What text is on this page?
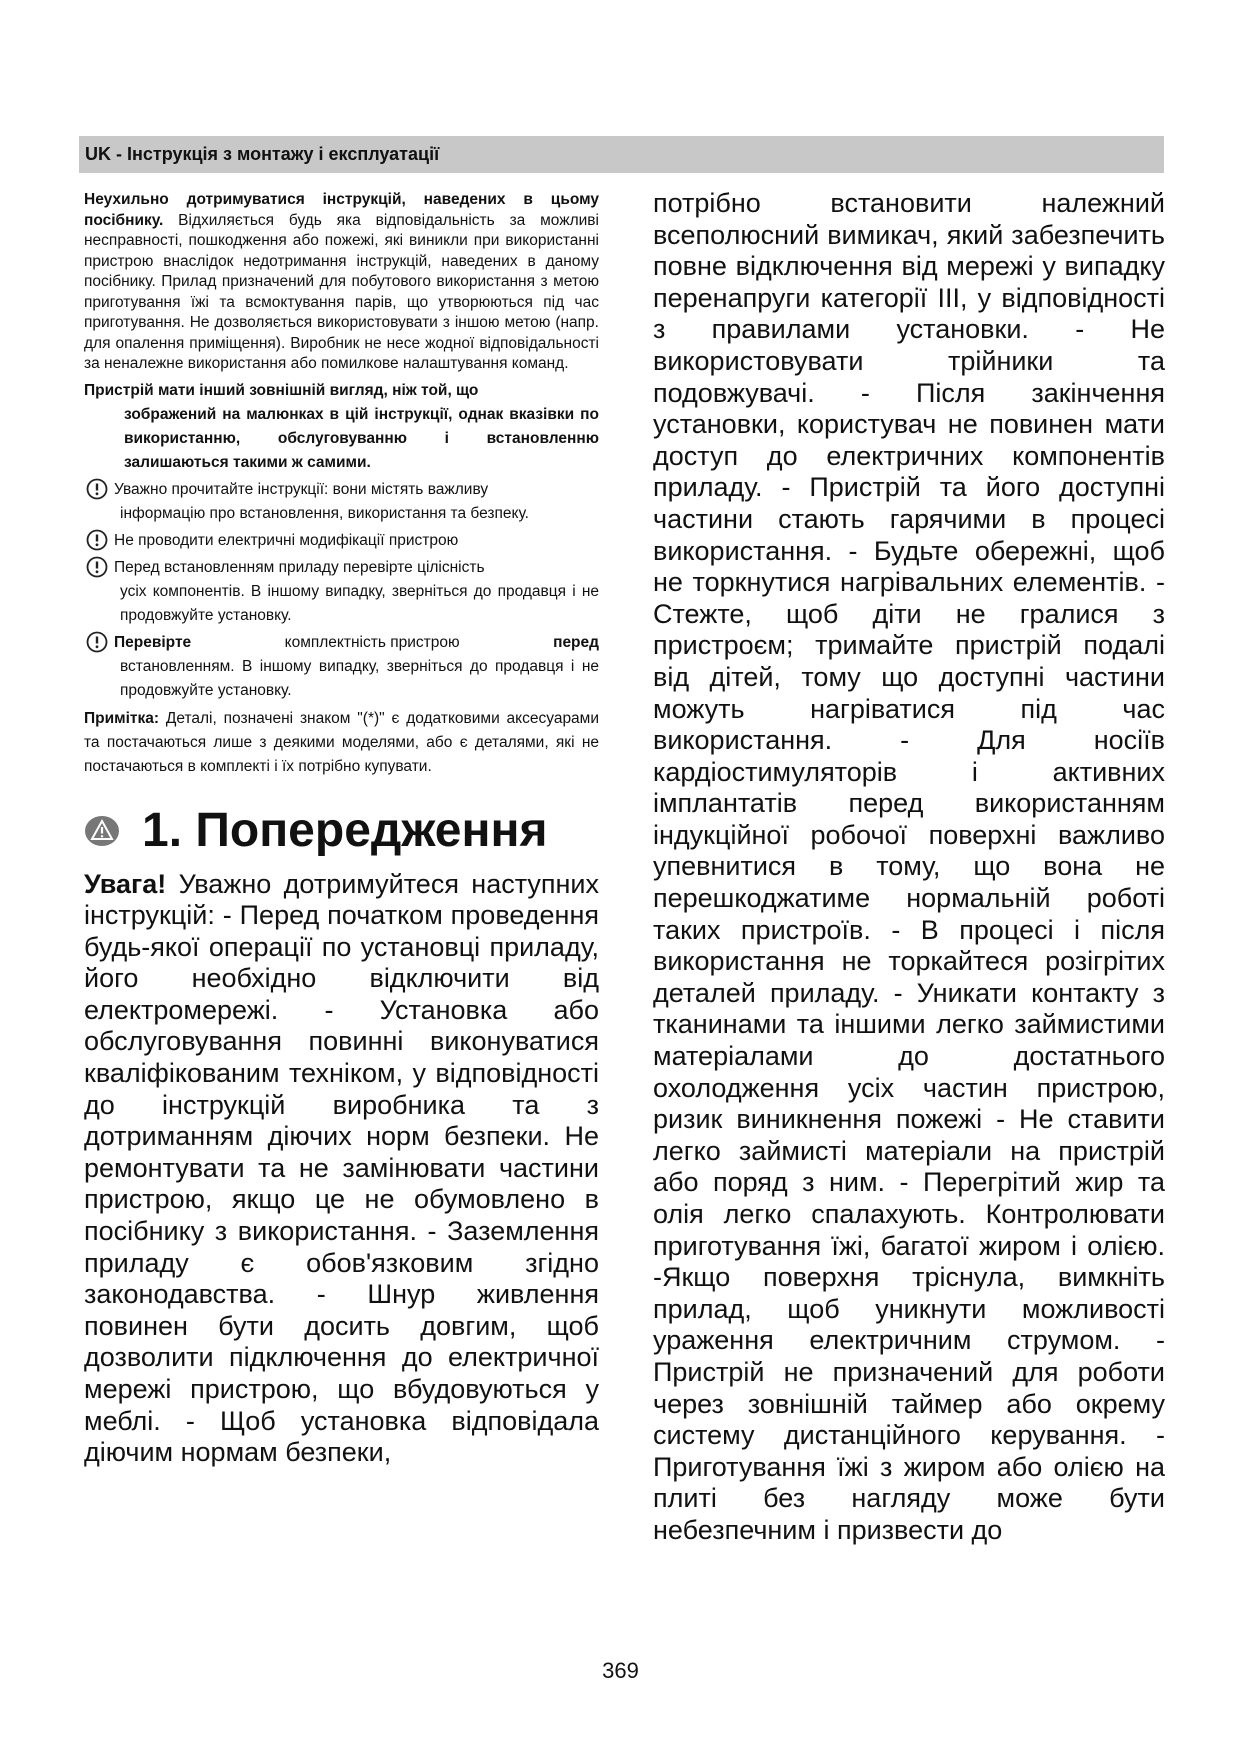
UK - Інструкція з монтажу і експлуатації

Неухильно дотримуватися інструкцій, наведених в цьому посібнику. Відхиляється будь яка відповідальність за можливі несправності, пошкодження або пожежі, які виникли при використанні пристрою внаслідок недотримання інструкцій, наведених в даному посібнику. Прилад призначений для побутового використання з метою приготування їжі та всмоктування парів, що утворюються під час приготування. Не дозволяється використовувати з іншою метою (напр. для опалення приміщення). Виробник не несе жодної відповідальності за неналежне використання або помилкове налаштування команд.

Пристрій мати інший зовнішній вигляд, ніж той, що
зображений на малюнках в цій інструкції, однак вказівки по використанню, обслуговуванню і встановленню залишаються такими ж самими.

Уважно прочитайте інструкції: вони містять важливу
інформацію про встановлення, використання та безпеку.
Не проводити електричні модифікації пристрою
Перед встановленням приладу перевірте цілісність
усіх компонентів. В іншому випадку, зверніться до продавця і не продовжуйте установку.
Перевірте	комплектність пристрою	перед
встановленням. В іншому випадку, зверніться до продавця і не продовжуйте установку.

Примітка: Деталі, позначені знаком "(*)" є додатковими аксесуарами та постачаються лише з деякими моделями, або є деталями, які не постачаються в комплекті і їх потрібно купувати.

1. Попередження

Увага! Уважно дотримуйтеся наступних інструкцій: - Перед початком проведення будь-якої операції по установці приладу, його необхідно відключити від електромережі. - Установка або обслуговування повинні виконуватися кваліфікованим техніком, у відповідності до інструкцій виробника та з дотриманням діючих норм безпеки. Не ремонтувати та не замінювати частини пристрою, якщо це не обумовлено в посібнику з використання. - Заземлення приладу є обов'язковим згідно законодавства. - Шнур живлення повинен бути досить довгим, щоб дозволити підключення до електричної мережі пристрою, що вбудовуються у меблі. - Щоб установка відповідала діючим нормам безпеки,

потрібно встановити належний всеполюсний вимикач, який забезпечить повне відключення від мережі у випадку перенапруги категорії III, у відповідності з правилами установки. - Не використовувати трійники та подовжувачі. - Після закінчення установки, користувач не повинен мати доступ до електричних компонентів приладу. - Пристрій та його доступні частини стають гарячими в процесі використання. - Будьте обережні, щоб не торкнутися нагрівальних елементів. - Стежте, щоб діти не гралися з пристроєм; тримайте пристрій подалі від дітей, тому що доступні частини можуть нагріватися під час використання. - Для носіїв кардіостимуляторів і активних імплантатів перед використанням індукційної робочої поверхні важливо упевнитися в тому, що вона не перешкоджатиме нормальній роботі таких пристроїв. - В процесі і після використання не торкайтеся розігрітих деталей приладу. - Уникати контакту з тканинами та іншими легко займистими матеріалами до достатнього охолодження усіх частин пристрою, ризик виникнення пожежі - Не ставити легко займисті матеріали на пристрій або поряд з ним. - Перегрітий жир та олія легко спалахують. Контролювати приготування їжі, багатої жиром і олією. -Якщо поверхня тріснула, вимкніть прилад, щоб уникнути можливості ураження електричним струмом. - Пристрій не призначений для роботи через зовнішній таймер або окрему систему дистанційного керування. - Приготування їжі з жиром або олією на плиті без нагляду може бути небезпечним і призвести до

369
